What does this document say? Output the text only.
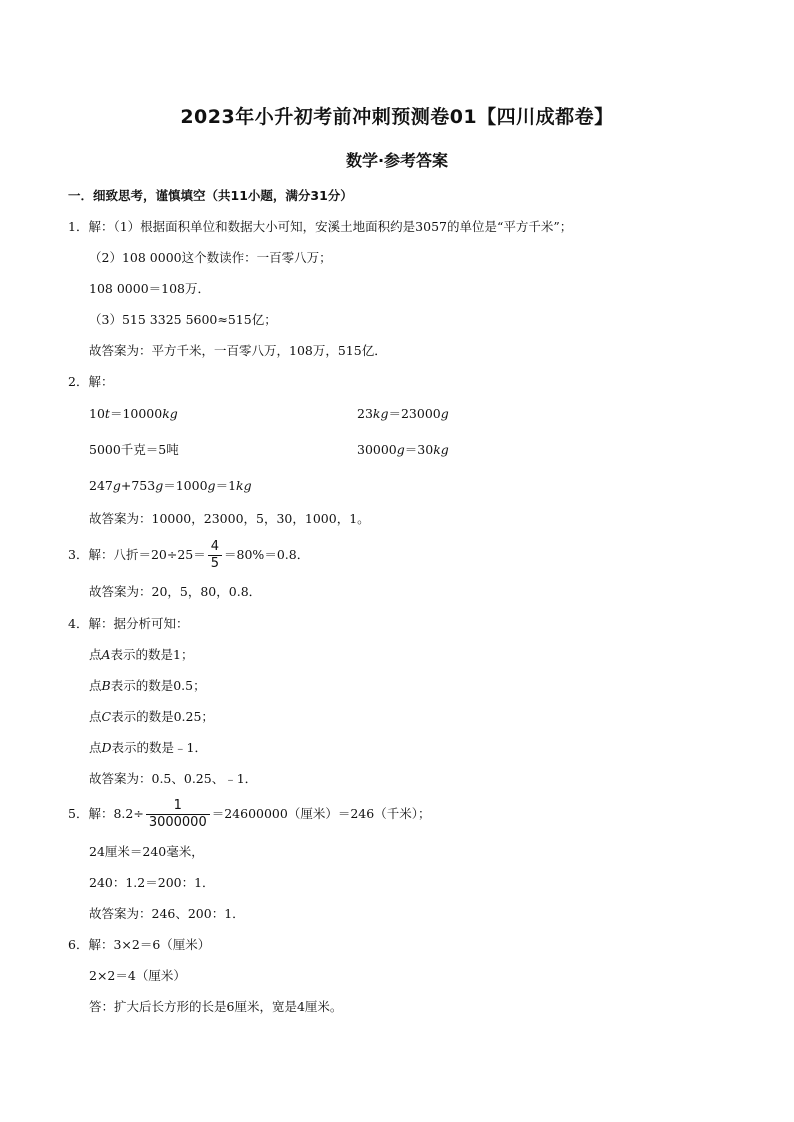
2023年小升初考前冲刺预测卷01【四川成都卷】
数学·参考答案
一．细致思考，谨慎填空（共11小题，满分31分）
1．解：（1）根据面积单位和数据大小可知，安溪土地面积约是3057的单位是“平方千米”；
（2）108 0000这个数读作：一百零八万；
108 0000＝108万．
（3）515 3325 5600≈515亿；
故答案为：平方千米，一百零八万，108万，515亿．
2．解：
10t＝10000kg	23kg＝23000g
5000千克＝5吨	30000g＝30kg
247g+753g＝1000g＝1kg
故答案为：10000，23000，5，30，1000，1。
3．解：八折$=20\div 25= \frac{4}{5} =80\%=0.8$．
故答案为：20，5，80，0.8．
4．解：据分析可知：
点A表示的数是1；
点B表示的数是0.5；
点C表示的数是0.25；
点D表示的数是﹣1．
故答案为：0.5、0.25、﹣1．
5．解：$8.2\div \frac{1}{3000000} =24600000$（厘米）＝246（千米）；
24厘米＝240毫米，
240：1.2＝200：1．
故答案为：246、200：1．
6．解：3×2＝6（厘米）
2×2＝4（厘米）
答：扩大后长方形的长是6厘米，宽是4厘米。
